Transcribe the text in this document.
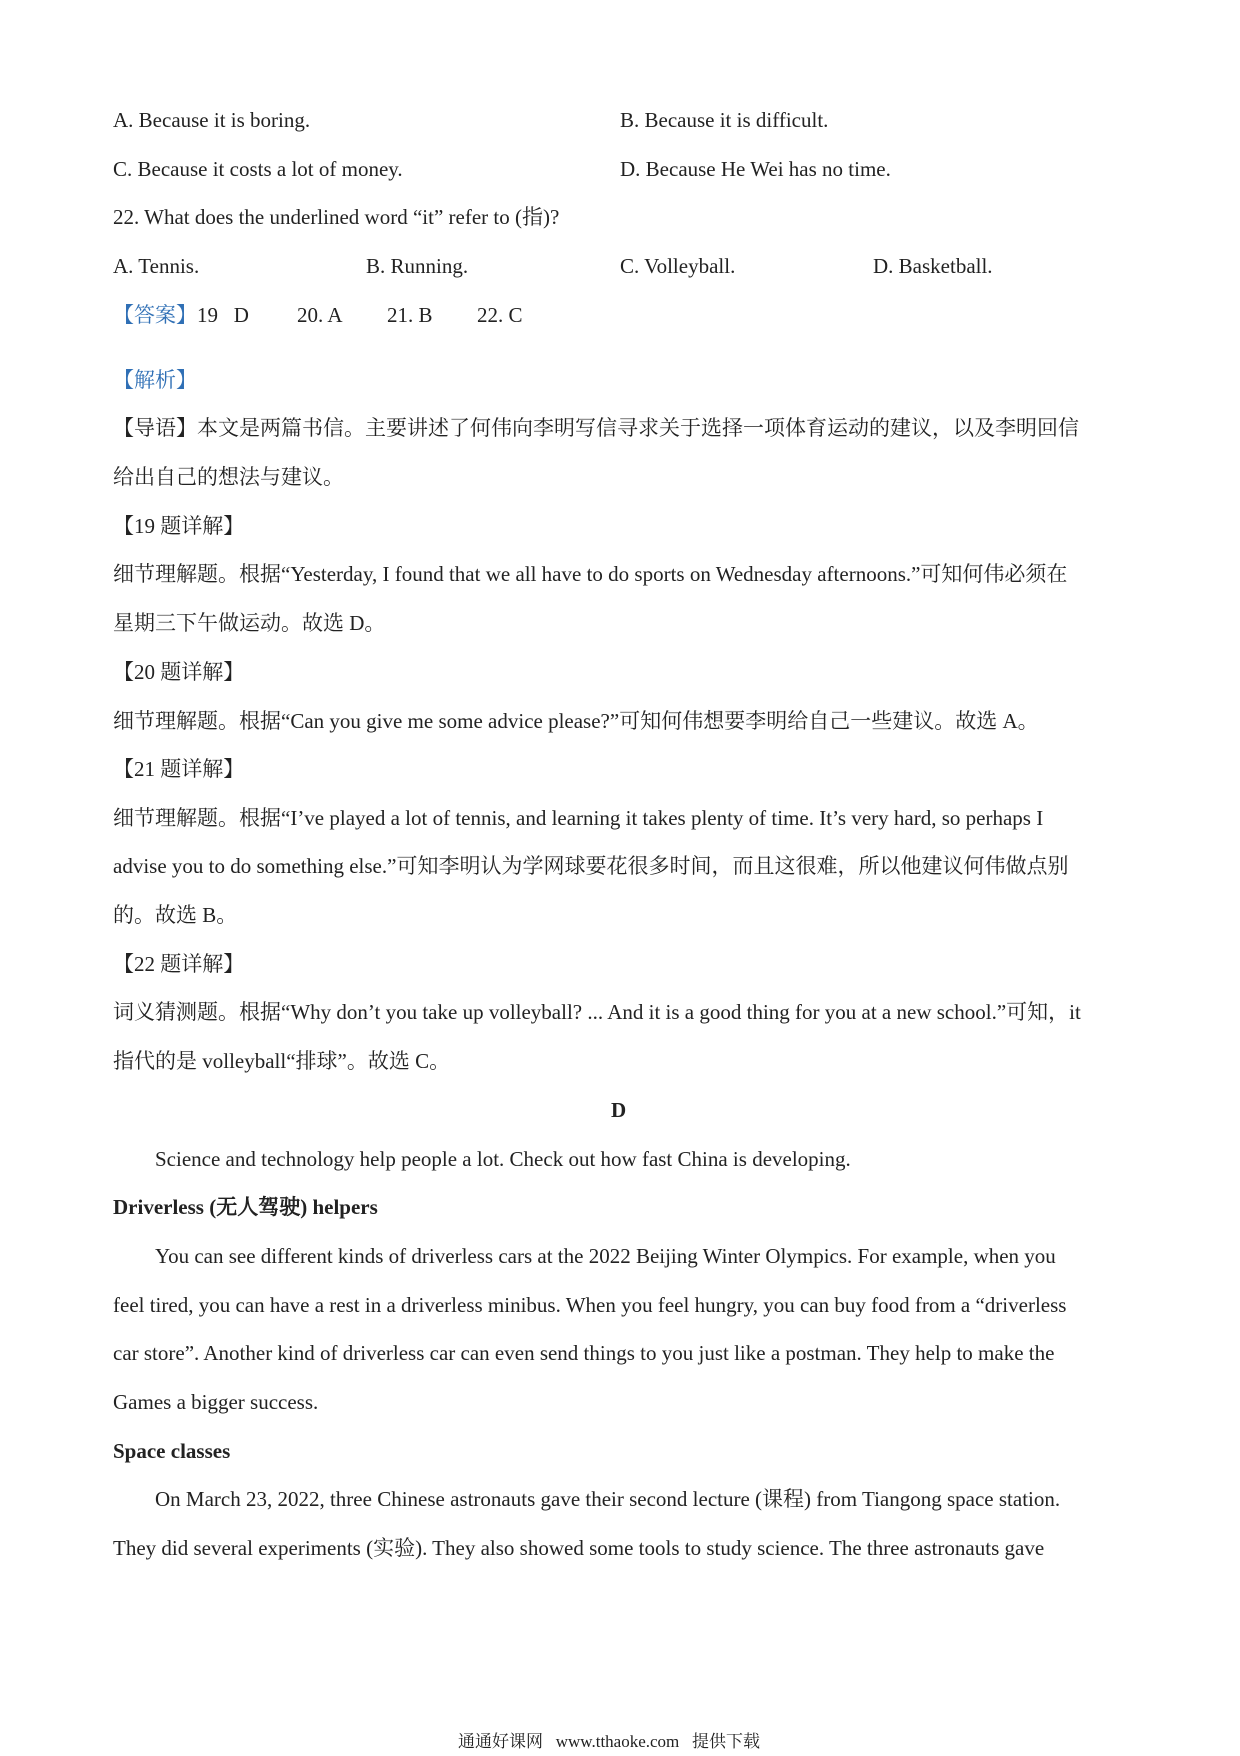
A. Because it is boring.	B. Because it is difficult.
C. Because it costs a lot of money.	D. Because He Wei has no time.
22. What does the underlined word “it” refer to (指)?
A. Tennis.	B. Running.	C. Volleyball.	D. Basketball.
【答案】 19   D 20. A 21. B 22. C
【解析】
【导语】本文是两篇书信。主要讲述了何伟向李明写信寻求关于选择一项体育运动的建议，以及李明回信
给出自己的想法与建议。
【19 题详解】
细节理解题。根据“Yesterday, I found that we all have to do sports on Wednesday afternoons.”可知何伟必须在
星期三下午做运动。故选 D。
【20 题详解】
细节理解题。根据“Can you give me some advice please?”可知何伟想要李明给自己一些建议。故选 A。
【21 题详解】
细节理解题。根据“I’ve played a lot of tennis, and learning it takes plenty of time. It’s very hard, so perhaps I
advise you to do something else.”可知李明认为学网球要花很多时间，而且这很难，所以他建议何伟做点别
的。故选 B。
【22 题详解】
词义猜测题。根据“Why don’t you take up volleyball? ... And it is a good thing for you at a new school.”可知，it
指代的是 volleyball“排球”。故选 C。
D
Science and technology help people a lot. Check out how fast China is developing.
Driverless (无人驾驶) helpers
You can see different kinds of driverless cars at the 2022 Beijing Winter Olympics. For example, when you
feel tired, you can have a rest in a driverless minibus. When you feel hungry, you can buy food from a “driverless
car store”. Another kind of driverless car can even send things to you just like a postman. They help to make the
Games a bigger success.
Space classes
On March 23, 2022, three Chinese astronauts gave their second lecture (课程) from Tiangong space station.
They did several experiments (实验). They also showed some tools to study science. The three astronauts gave
通通好课网   www.tthaoke.com   提供下载
